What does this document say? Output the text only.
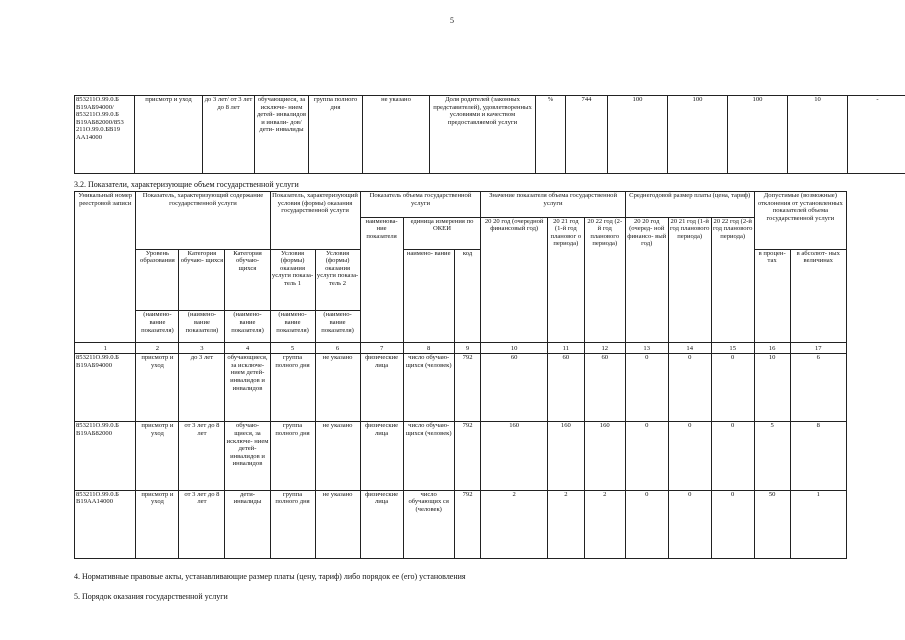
5
853211О.99.0.Б В19АБ94000/ 853211О.99.0.Б В19АБ82000/853 211О.99.0.БВ19 АА14000	присмотр и уход	до 3 лет/ от 3 лет до 8 лет	обучающиеся, за исключе- нием детей- инвалидов и инвали- дов/дети- инвалиды	группа полного дня	не указано	Доля родителей (законных представителей), удовлетворенных условиями и качеством предоставляемой услуги	%	744	100	100	100	10	-
3.2. Показатели, характеризующие объем государственной услуги
Уникальный номер реестровой записи	Показатель, характеризующий содержание государственной услуги			Показатель, характеризующий условия (формы) оказания государственной услуги		Показатель объема государственной услуги			Значение показателя объема государственной услуги			Среднегодовой размер платы (цена, тариф)			Допустимые (возможные) отклонения от установленных показателей объема государственной услуги	
						наименова- ние показателя	единица измерения по ОКЕИ		20 20 год (очередной финансовый год)	20 21 год (1-й год плановог о периода)	20 22 год (2-й год планового периода)	20 20 год (очеред- ной финансо- вый год)	20 21 год (1-й год планового периода)	20 22 год (2-й год планового периода)		
	Уровень образования	Категория обучаю- щихся	Категория обучаю- щихся	Условия (формы) оказания услуги показа- тель 1	Условия (формы) оказания услуги показа-тель 2		наимено- вание	код							в процен- тах	в абсолют- ных величинах
	(наимено- вание показателя)	(наимено- вание показателя)	(наимено- вание показателя)	(наимено- вание показателя)	(наимено- вание показателя)											
1	2	3	4	5	6	7	8	9	10	11	12	13	14	15	16	17
853211О.99.0.Б В19АБ94000	присмотр и уход	до 3 лет	обучающиеся, за исключе- нием детей- инвалидов и инвалидов	группа полного дня	не указано	физические лица	число обучаю- щихся (человек)	792	60	60	60	0	0	0	10	6
853211О.99.0.Б В19АБ82000	присмотр и уход	от 3 лет до 8 лет	обучаю- щиеся, за исключе- нием детей- инвалидов и инвалидов	группа полного дня	не указано	физические лица	число обучаю- щихся (человек)	792	160	160	160	0	0	0	5	8
853211О.99.0.Б В19АА14000	присмотр и уход	от 3 лет до 8 лет	дети- инвалиды	группа полного дня	не указано	физические лица	число обучающих ся (человек)	792	2	2	2	0	0	0	50	1
4. Нормативные правовые акты, устанавливающие размер платы (цену, тариф) либо порядок ее (его) установления
5. Порядок оказания государственной услуги
